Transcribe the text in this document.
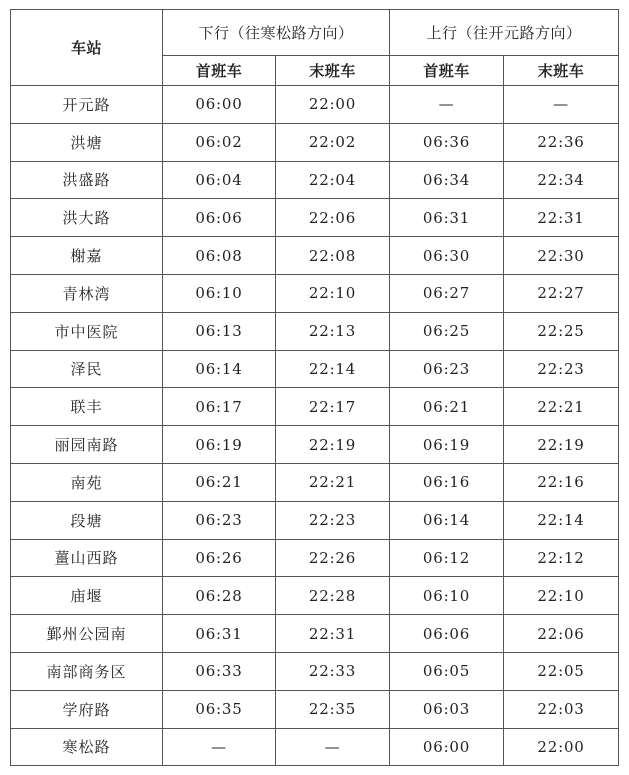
车站	下行（往寒松路方向）		上行（往开元路方向）	
	首班车	末班车	首班车	末班车
开元路	06:00	22:00	—	—
洪塘	06:02	22:02	06:36	22:36
洪盛路	06:04	22:04	06:34	22:34
洪大路	06:06	22:06	06:31	22:31
榭嘉	06:08	22:08	06:30	22:30
青林湾	06:10	22:10	06:27	22:27
市中医院	06:13	22:13	06:25	22:25
泽民	06:14	22:14	06:23	22:23
联丰	06:17	22:17	06:21	22:21
丽园南路	06:19	22:19	06:19	22:19
南苑	06:21	22:21	06:16	22:16
段塘	06:23	22:23	06:14	22:14
薑山西路	06:26	22:26	06:12	22:12
庙堰	06:28	22:28	06:10	22:10
鄞州公园南	06:31	22:31	06:06	22:06
南部商务区	06:33	22:33	06:05	22:05
学府路	06:35	22:35	06:03	22:03
寒松路	—	—	06:00	22:00
